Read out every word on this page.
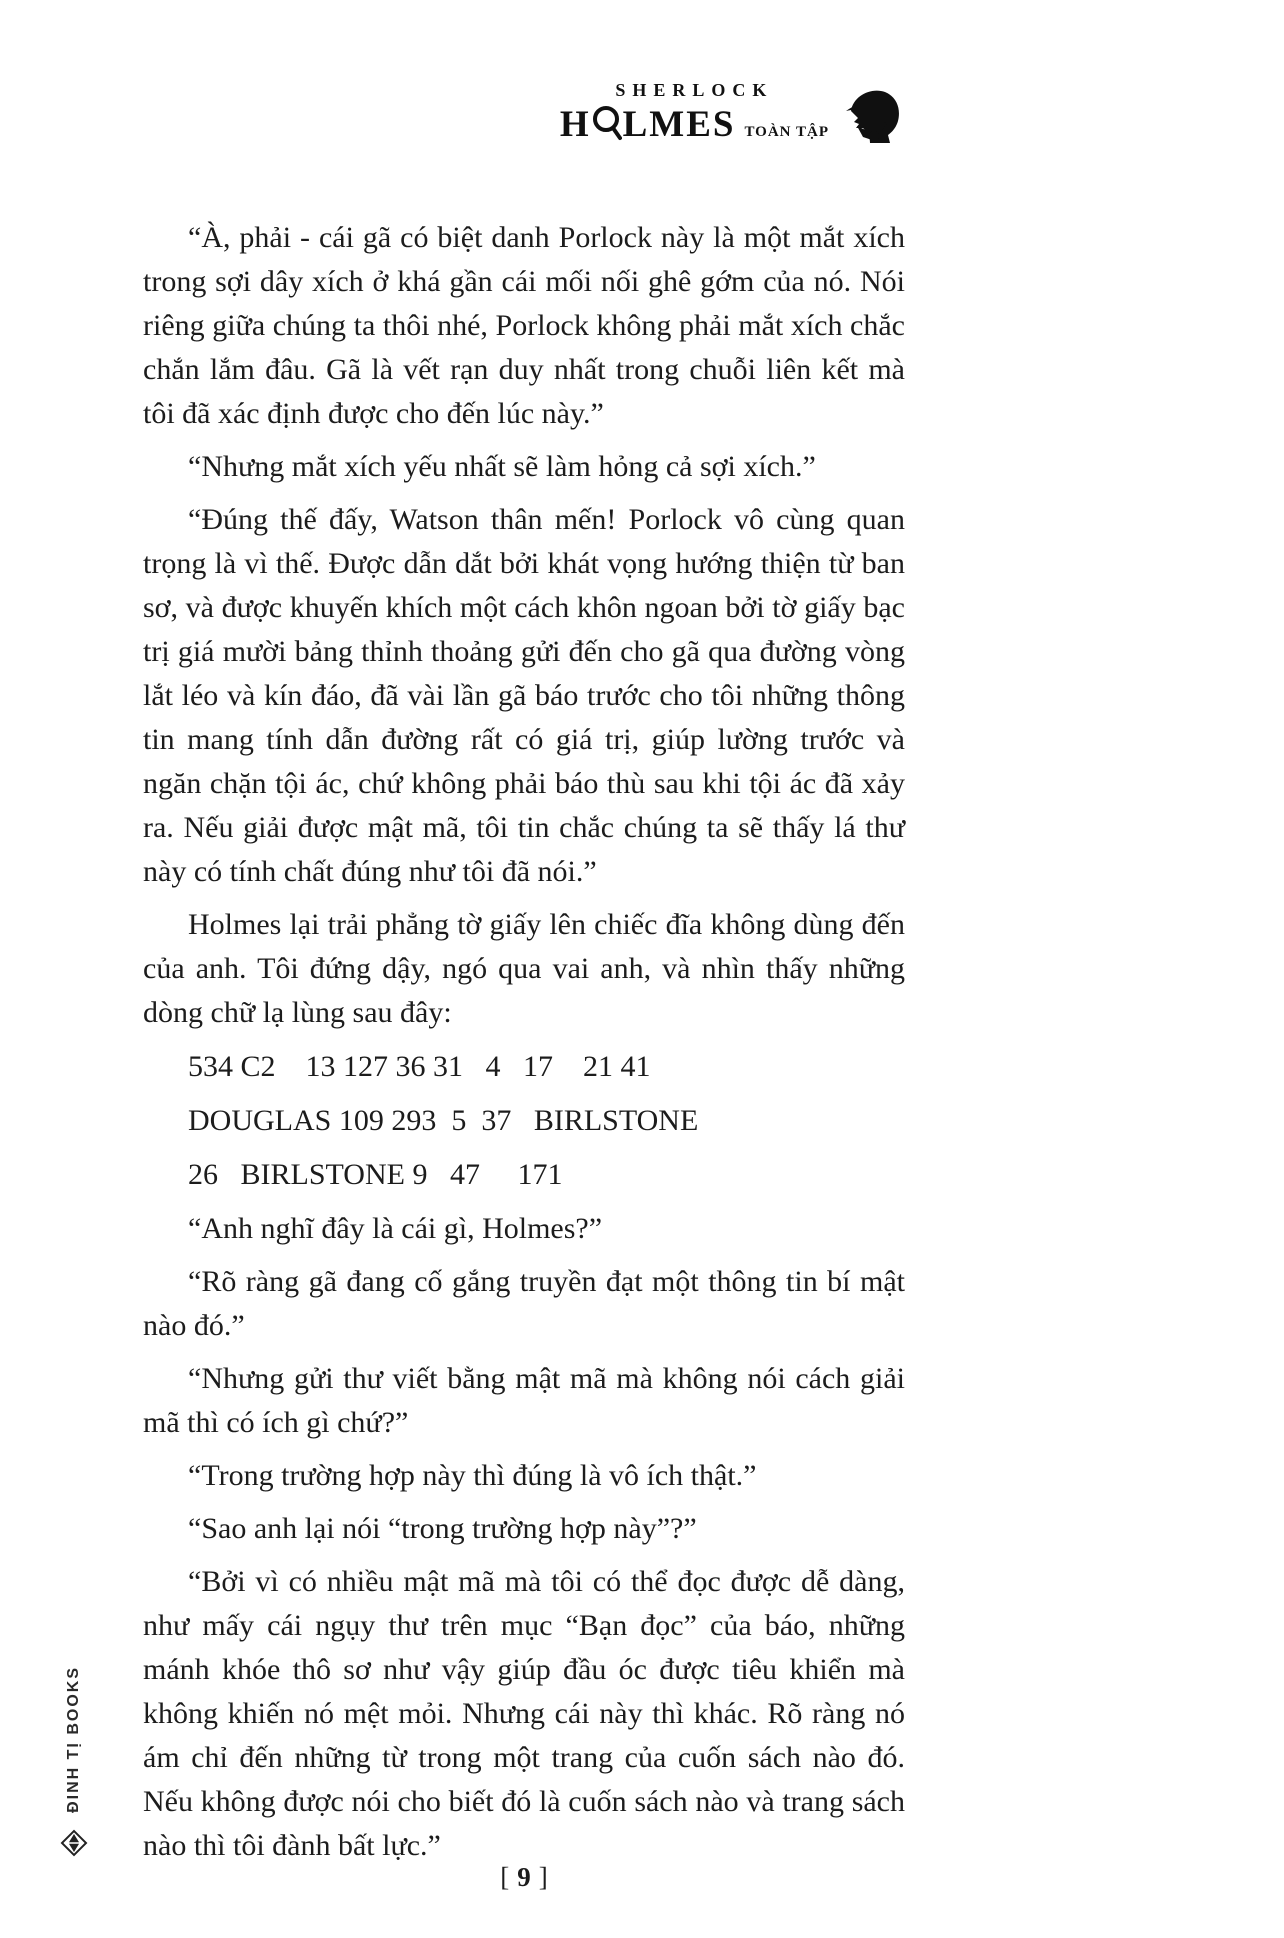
SHERLOCK
H LMES TOÀN TẬP

“À, phải - cái gã có biệt danh Porlock này là một mắt xích trong sợi dây xích ở khá gần cái mối nối ghê gớm của nó. Nói riêng giữa chúng ta thôi nhé, Porlock không phải mắt xích chắc chắn lắm đâu. Gã là vết rạn duy nhất trong chuỗi liên kết mà tôi đã xác định được cho đến lúc này.”

“Nhưng mắt xích yếu nhất sẽ làm hỏng cả sợi xích.”

“Đúng thế đấy, Watson thân mến! Porlock vô cùng quan trọng là vì thế. Được dẫn dắt bởi khát vọng hướng thiện từ ban sơ, và được khuyến khích một cách khôn ngoan bởi tờ giấy bạc trị giá mười bảng thỉnh thoảng gửi đến cho gã qua đường vòng lắt léo và kín đáo, đã vài lần gã báo trước cho tôi những thông tin mang tính dẫn đường rất có giá trị, giúp lường trước và ngăn chặn tội ác, chứ không phải báo thù sau khi tội ác đã xảy ra. Nếu giải được mật mã, tôi tin chắc chúng ta sẽ thấy lá thư này có tính chất đúng như tôi đã nói.”

Holmes lại trải phẳng tờ giấy lên chiếc đĩa không dùng đến của anh. Tôi đứng dậy, ngó qua vai anh, và nhìn thấy những dòng chữ lạ lùng sau đây:

534 C2    13 127 36 31   4   17    21 41

DOUGLAS 109 293  5  37   BIRLSTONE

26   BIRLSTONE 9   47     171

“Anh nghĩ đây là cái gì, Holmes?”

“Rõ ràng gã đang cố gắng truyền đạt một thông tin bí mật nào đó.”

“Nhưng gửi thư viết bằng mật mã mà không nói cách giải mã thì có ích gì chứ?”

“Trong trường hợp này thì đúng là vô ích thật.”

“Sao anh lại nói “trong trường hợp này”?”

“Bởi vì có nhiều mật mã mà tôi có thể đọc được dễ dàng, như mấy cái ngụy thư trên mục “Bạn đọc” của báo, những mánh khóe thô sơ như vậy giúp đầu óc được tiêu khiển mà không khiến nó mệt mỏi. Nhưng cái này thì khác. Rõ ràng nó ám chỉ đến những từ trong một trang của cuốn sách nào đó. Nếu không được nói cho biết đó là cuốn sách nào và trang sách nào thì tôi đành bất lực.”

ĐINH TỊ BOOKS
[ 9 ]
